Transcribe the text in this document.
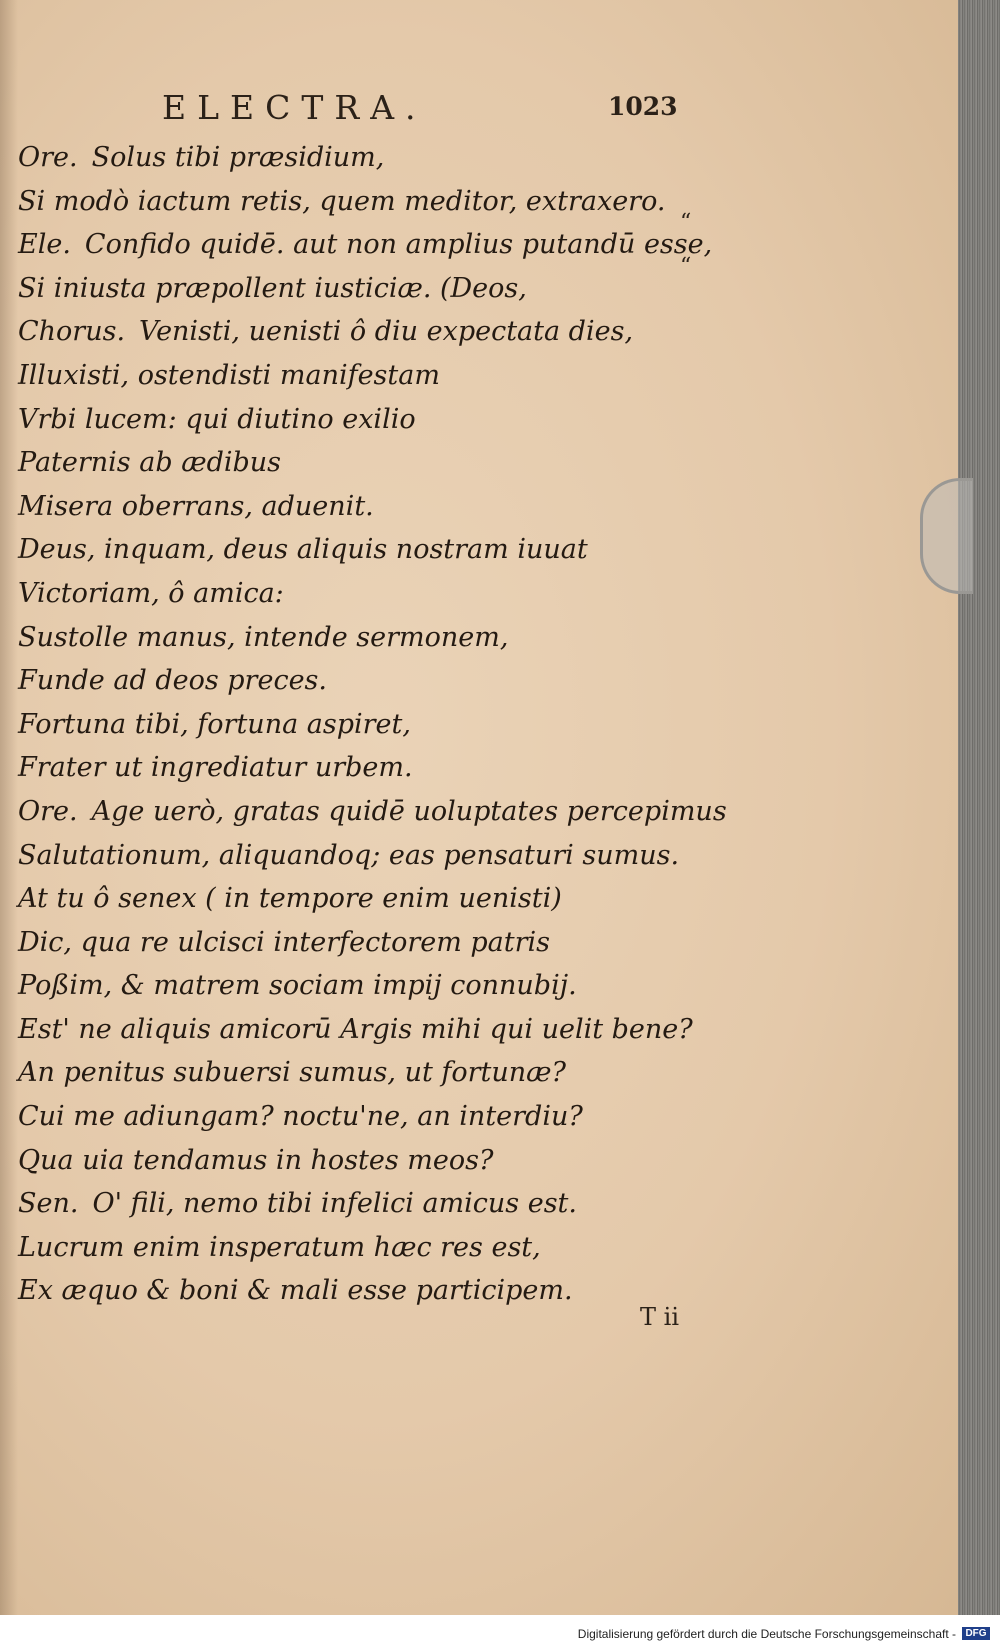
ELECTRA.	1023
Ore. Solus tibi præsidium,
Si modò iactum retis, quem meditor, extraxero.
Ele. Confido quidē. aut non amplius putandū esse,
Si iniusta præpollent iusticiæ. (Deos,
Chorus. Venisti, uenisti ô diu expectata dies,
Illuxisti, ostendisti manifestam
Vrbi lucem: qui diutino exilio
Paternis ab ædibus
Misera oberrans, aduenit.
Deus, inquam, deus aliquis nostram iuuat
Victoriam, ô amica:
Sustolle manus, intende sermonem,
Funde ad deos preces.
Fortuna tibi, fortuna aspiret,
Frater ut ingrediatur urbem.
Ore. Age uerò, gratas quidē uoluptates percepimus
Salutationum, aliquandoq; eas pensaturi sumus.
At tu ô senex ( in tempore enim uenisti)
Dic, qua re ulcisci interfectorem patris
Poßim, & matrem sociam impij connubij.
Est' ne aliquis amicorū Argis mihi qui uelit bene?
An penitus subuersi sumus, ut fortunæ?
Cui me adiungam? noctu'ne, an interdiu?
Qua uia tendamus in hostes meos?
Sen. O' fili, nemo tibi infelici amicus est.
Lucrum enim insperatum hæc res est,
Ex æquo & boni & mali esse participem.
“
“
T ii
Digitalisierung gefördert durch die Deutsche Forschungsgemeinschaft - DFG
